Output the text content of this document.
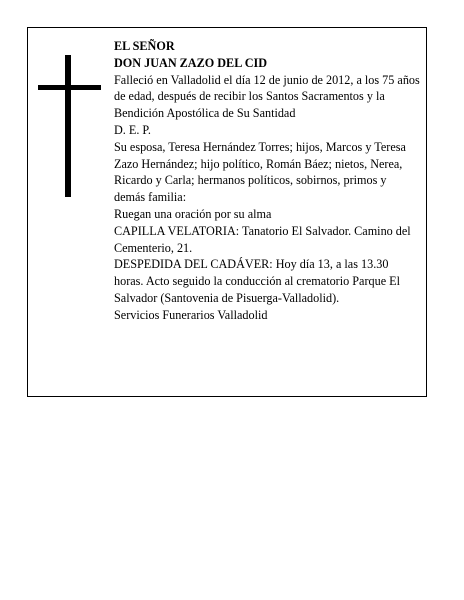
EL SEÑOR

DON JUAN ZAZO DEL CID

Falleció en Valladolid el día 12 de junio de 2012, a los 75 años de edad, después de recibir los Santos Sacramentos y la Bendición Apostólica de Su Santidad

D. E. P.

Su esposa, Teresa Hernández Torres; hijos, Marcos y Teresa Zazo Hernández; hijo político, Román Báez; nietos, Nerea, Ricardo y Carla; hermanos políticos, sobirnos, primos y demás familia:

Ruegan una oración por su alma

CAPILLA VELATORIA: Tanatorio El Salvador. Camino del Cementerio, 21.

DESPEDIDA DEL CADÁVER: Hoy día 13, a las 13.30 horas. Acto seguido la conducción al crematorio Parque El Salvador (Santovenia de Pisuerga-Valladolid).

Servicios Funerarios Valladolid
